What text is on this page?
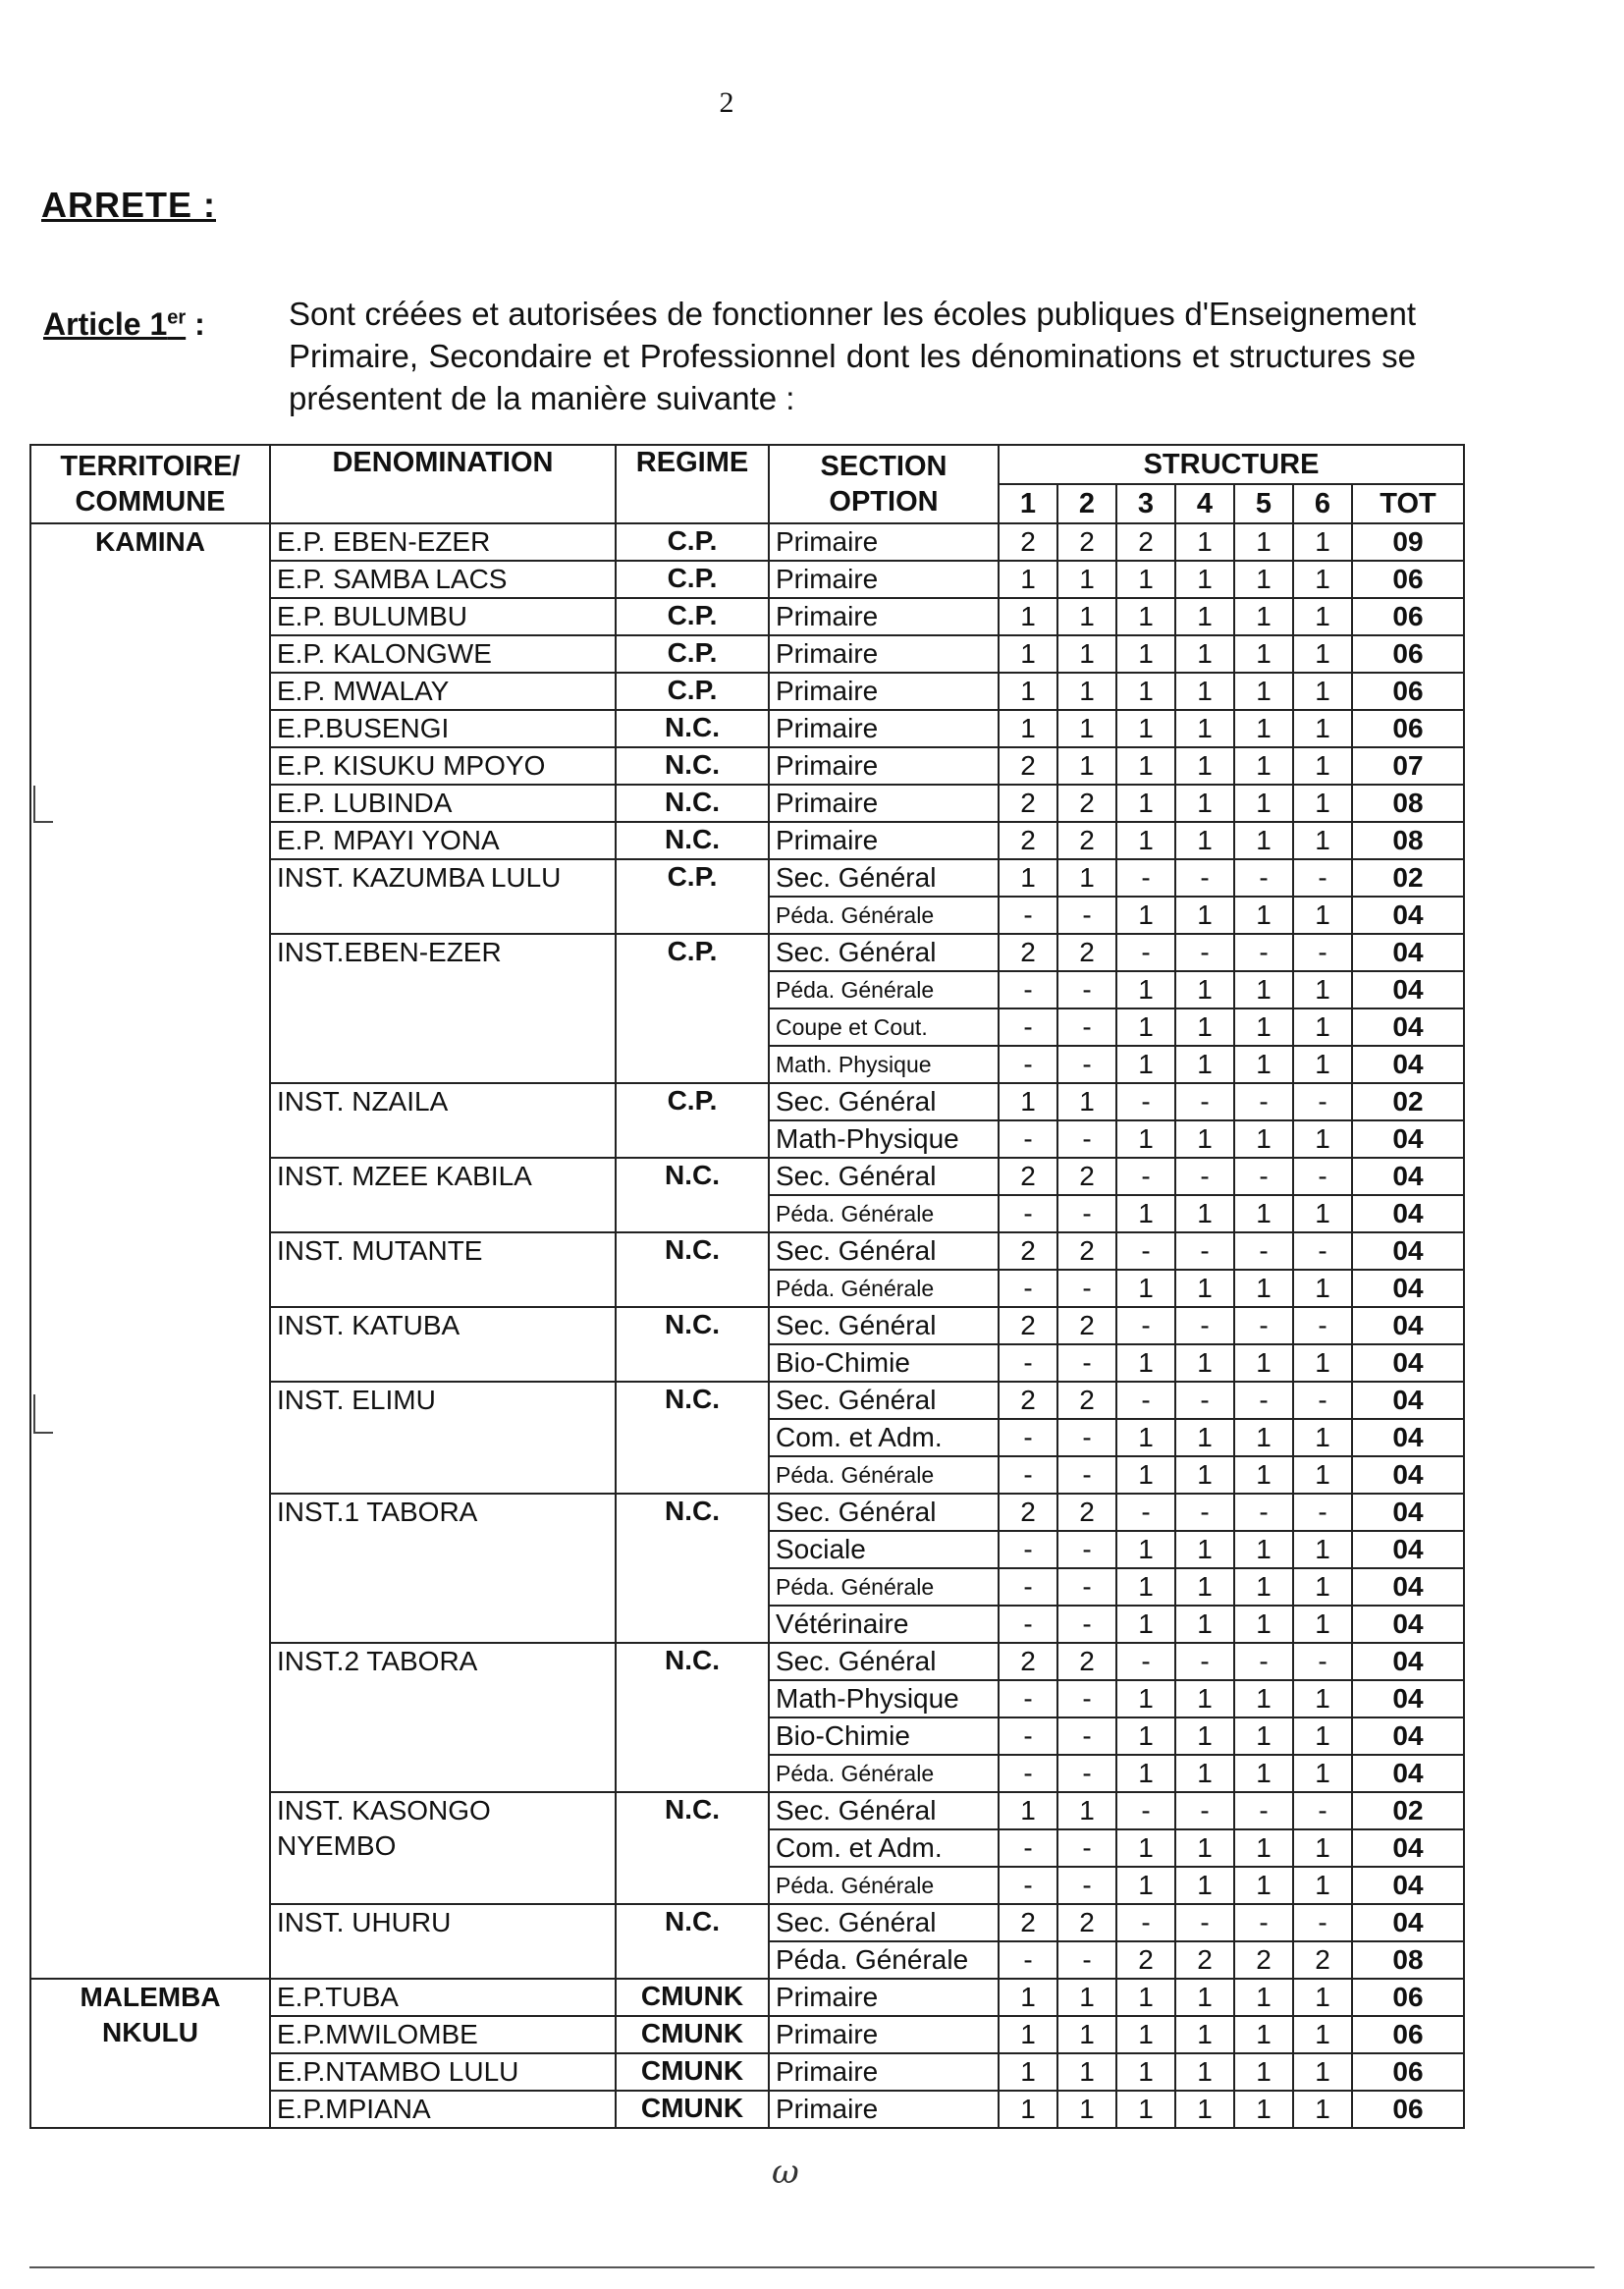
2
ARRETE :
Article 1er :	Sont créées et autorisées de fonctionner les écoles publiques d'Enseignement Primaire, Secondaire et Professionnel dont les dénominations et structures se présentent de la manière suivante :
TERRITOIRE/ COMMUNE	DENOMINATION	REGIME	SECTION OPTION	STRUCTURE						
				1	2	3	4	5	6	TOT
KAMINA	E.P. EBEN-EZER	C.P.	Primaire	2	2	2	1	1	1	09
	E.P. SAMBA LACS	C.P.	Primaire	1	1	1	1	1	1	06
	E.P. BULUMBU	C.P.	Primaire	1	1	1	1	1	1	06
	E.P. KALONGWE	C.P.	Primaire	1	1	1	1	1	1	06
	E.P. MWALAY	C.P.	Primaire	1	1	1	1	1	1	06
	E.P.BUSENGI	N.C.	Primaire	1	1	1	1	1	1	06
	E.P. KISUKU MPOYO	N.C.	Primaire	2	1	1	1	1	1	07
	E.P. LUBINDA	N.C.	Primaire	2	2	1	1	1	1	08
	E.P. MPAYI YONA	N.C.	Primaire	2	2	1	1	1	1	08
	INST. KAZUMBA LULU	C.P.	Sec. Général	1	1	-	-	-	-	02
			Péda. Générale	-	-	1	1	1	1	04
	INST.EBEN-EZER	C.P.	Sec. Général	2	2	-	-	-	-	04
			Péda. Générale	-	-	1	1	1	1	04
			Coupe et Cout.	-	-	1	1	1	1	04
			Math. Physique	-	-	1	1	1	1	04
	INST. NZAILA	C.P.	Sec. Général	1	1	-	-	-	-	02
			Math-Physique	-	-	1	1	1	1	04
	INST. MZEE KABILA	N.C.	Sec. Général	2	2	-	-	-	-	04
			Péda. Générale	-	-	1	1	1	1	04
	INST. MUTANTE	N.C.	Sec. Général	2	2	-	-	-	-	04
			Péda. Générale	-	-	1	1	1	1	04
	INST. KATUBA	N.C.	Sec. Général	2	2	-	-	-	-	04
			Bio-Chimie	-	-	1	1	1	1	04
	INST. ELIMU	N.C.	Sec. Général	2	2	-	-	-	-	04
			Com. et Adm.	-	-	1	1	1	1	04
			Péda. Générale	-	-	1	1	1	1	04
	INST.1 TABORA	N.C.	Sec. Général	2	2	-	-	-	-	04
			Sociale	-	-	1	1	1	1	04
			Péda. Générale	-	-	1	1	1	1	04
			Vétérinaire	-	-	1	1	1	1	04
	INST.2 TABORA	N.C.	Sec. Général	2	2	-	-	-	-	04
			Math-Physique	-	-	1	1	1	1	04
			Bio-Chimie	-	-	1	1	1	1	04
			Péda. Générale	-	-	1	1	1	1	04
	INST. KASONGO NYEMBO	N.C.	Sec. Général	1	1	-	-	-	-	02
			Com. et Adm.	-	-	1	1	1	1	04
			Péda. Générale	-	-	1	1	1	1	04
	INST. UHURU	N.C.	Sec. Général	2	2	-	-	-	-	04
			Péda. Générale	-	-	2	2	2	2	08
MALEMBA NKULU	E.P.TUBA	CMUNK	Primaire	1	1	1	1	1	1	06
	E.P.MWILOMBE	CMUNK	Primaire	1	1	1	1	1	1	06
	E.P.NTAMBO LULU	CMUNK	Primaire	1	1	1	1	1	1	06
	E.P.MPIANA	CMUNK	Primaire	1	1	1	1	1	1	06
ω
